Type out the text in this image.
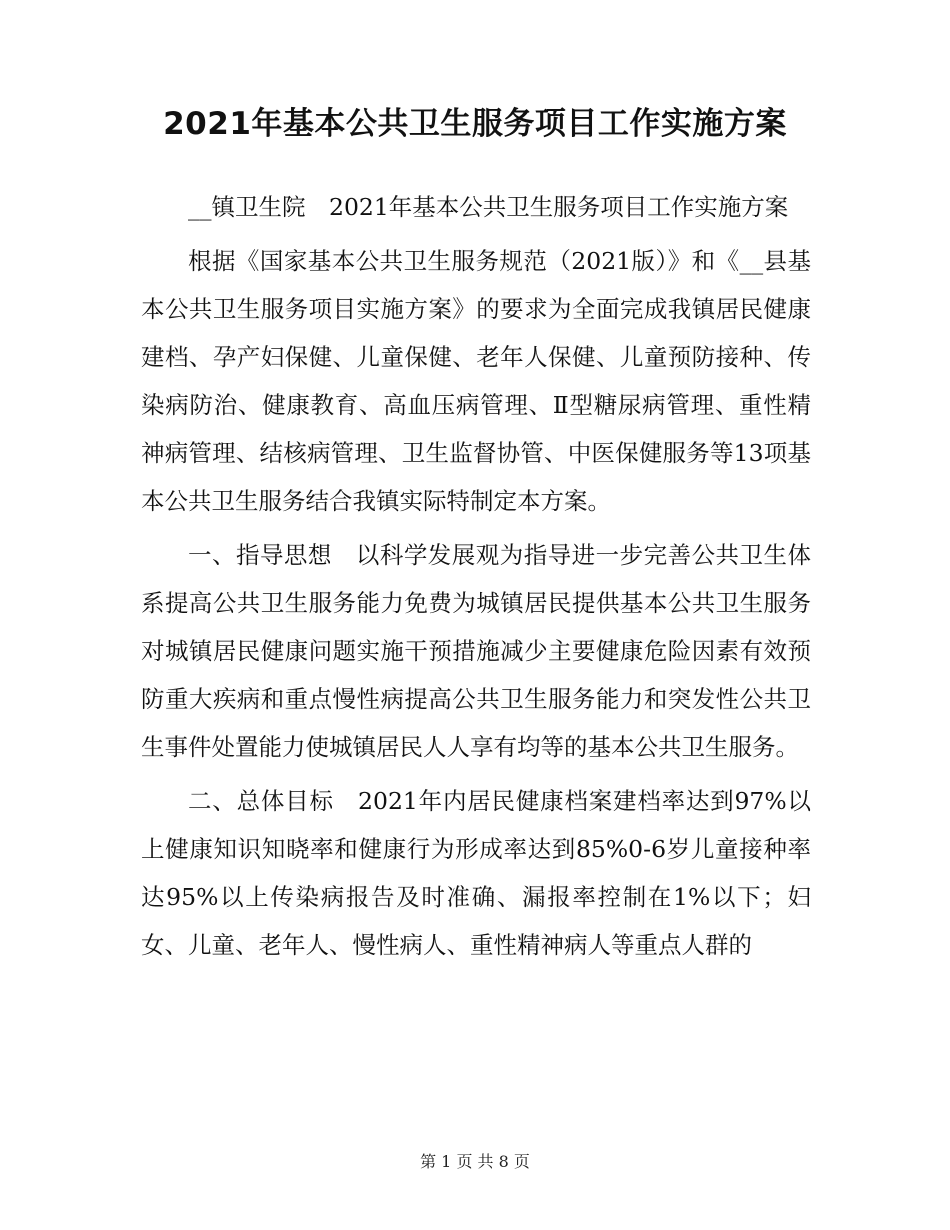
2021年基本公共卫生服务项目工作实施方案

__镇卫生院　2021年基本公共卫生服务项目工作实施方案

根据《国家基本公共卫生服务规范（2021版）》和《__县基本公共卫生服务项目实施方案》的要求为全面完成我镇居民健康建档、孕产妇保健、儿童保健、老年人保健、儿童预防接种、传染病防治、健康教育、高血压病管理、Ⅱ型糖尿病管理、重性精神病管理、结核病管理、卫生监督协管、中医保健服务等13项基本公共卫生服务结合我镇实际特制定本方案。

一、指导思想　以科学发展观为指导进一步完善公共卫生体系提高公共卫生服务能力免费为城镇居民提供基本公共卫生服务对城镇居民健康问题实施干预措施减少主要健康危险因素有效预防重大疾病和重点慢性病提高公共卫生服务能力和突发性公共卫生事件处置能力使城镇居民人人享有均等的基本公共卫生服务。

二、总体目标　2021年内居民健康档案建档率达到97%以上健康知识知晓率和健康行为形成率达到85%0-6岁儿童接种率达95%以上传染病报告及时准确、漏报率控制在1%以下；妇女、儿童、老年人、慢性病人、重性精神病人等重点人群的

第 1 页 共 8 页
